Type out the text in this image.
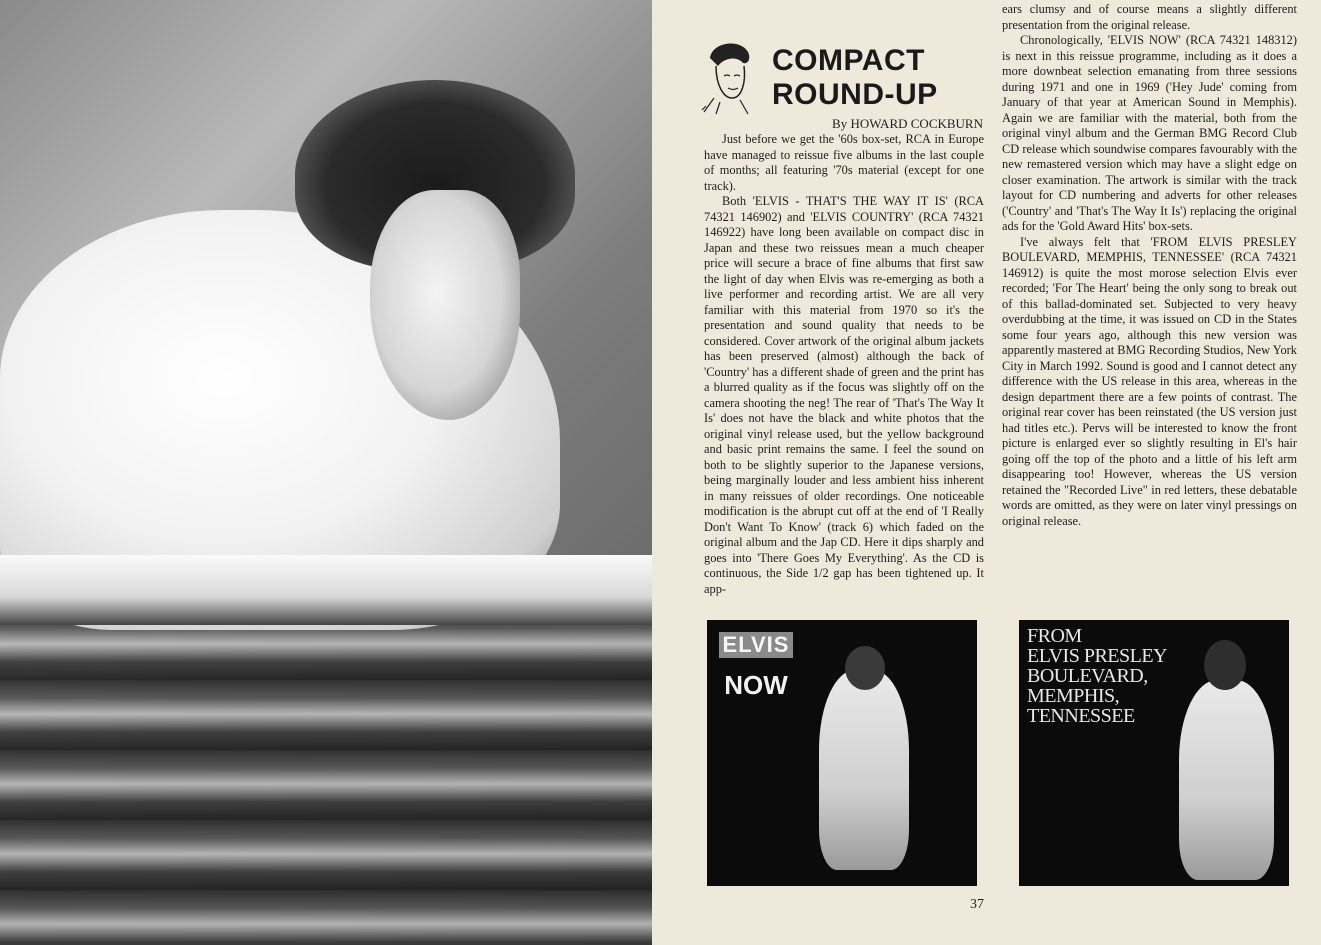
COMPACT
ROUND-UP
By HOWARD COCKBURN

Just before we get the '60s box-set, RCA in Europe have managed to reissue five albums in the last couple of months; all featuring '70s material (except for one track).

Both 'ELVIS - THAT'S THE WAY IT IS' (RCA 74321 146902) and 'ELVIS COUNTRY' (RCA 74321 146922) have long been available on compact disc in Japan and these two reissues mean a much cheaper price will secure a brace of fine albums that first saw the light of day when Elvis was re-emerging as both a live performer and recording artist. We are all very familiar with this material from 1970 so it's the presentation and sound quality that needs to be considered. Cover artwork of the original album jackets has been preserved (almost) although the back of 'Country' has a different shade of green and the print has a blurred quality as if the focus was slightly off on the camera shooting the neg! The rear of 'That's The Way It Is' does not have the black and white photos that the original vinyl release used, but the yellow background and basic print remains the same. I feel the sound on both to be slightly superior to the Japanese versions, being marginally louder and less ambient hiss inherent in many reissues of older recordings. One noticeable modification is the abrupt cut off at the end of 'I Really Don't Want To Know' (track 6) which faded on the original album and the Jap CD. Here it dips sharply and goes into 'There Goes My Everything'. As the CD is continuous, the Side 1/2 gap has been tightened up. It app-

ears clumsy and of course means a slightly different presentation from the original release.

Chronologically, 'ELVIS NOW' (RCA 74321 148312) is next in this reissue programme, including as it does a more downbeat selection emanating from three sessions during 1971 and one in 1969 ('Hey Jude' coming from January of that year at American Sound in Memphis). Again we are familiar with the material, both from the original vinyl album and the German BMG Record Club CD release which soundwise compares favourably with the new remastered version which may have a slight edge on closer examination. The artwork is similar with the track layout for CD numbering and adverts for other releases ('Country' and 'That's The Way It Is') replacing the original ads for the 'Gold Award Hits' box-sets.

I've always felt that 'FROM ELVIS PRESLEY BOULEVARD, MEMPHIS, TENNESSEE' (RCA 74321 146912) is quite the most morose selection Elvis ever recorded; 'For The Heart' being the only song to break out of this ballad-dominated set. Subjected to very heavy overdubbing at the time, it was issued on CD in the States some four years ago, although this new version was apparently mastered at BMG Recording Studios, New York City in March 1992. Sound is good and I cannot detect any difference with the US release in this area, whereas in the design department there are a few points of contrast. The original rear cover has been reinstated (the US version just had titles etc.). Pervs will be interested to know the front picture is enlarged ever so slightly resulting in El's hair going off the top of the photo and a little of his left arm disappearing too! However, whereas the US version retained the "Recorded Live" in red letters, these debatable words are omitted, as they were on later vinyl pressings on original release.

ELVIS
NOW
FROM
ELVIS PRESLEY
BOULEVARD,
MEMPHIS,
TENNESSEE
37
